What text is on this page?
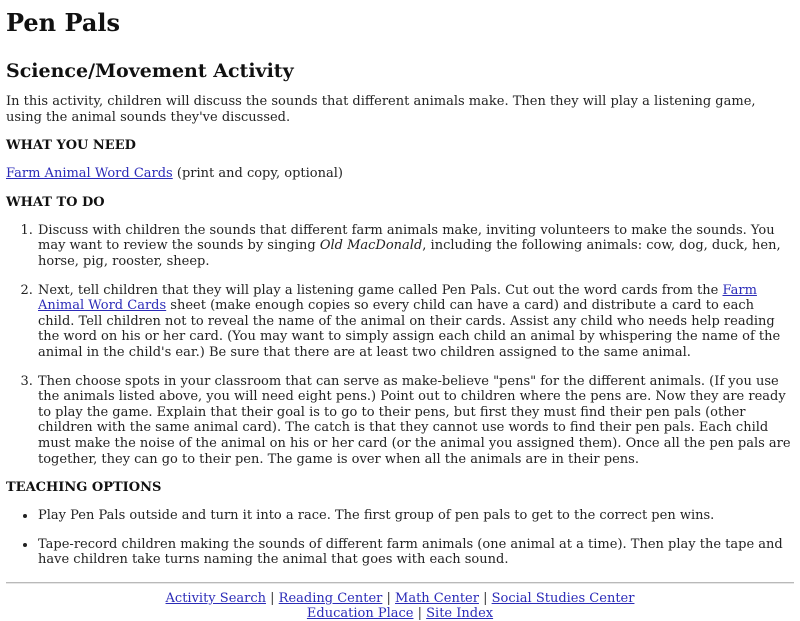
Pen Pals
Science/Movement Activity

In this activity, children will discuss the sounds that different animals make. Then they will play a listening game, using the animal sounds they've discussed.

WHAT YOU NEED

Farm Animal Word Cards (print and copy, optional)

WHAT TO DO
1. Discuss with children the sounds that different farm animals make, inviting volunteers to make the sounds. You may want to review the sounds by singing Old MacDonald, including the following animals: cow, dog, duck, hen, horse, pig, rooster, sheep.
2. Next, tell children that they will play a listening game called Pen Pals. Cut out the word cards from the Farm Animal Word Cards sheet (make enough copies so every child can have a card) and distribute a card to each child. Tell children not to reveal the name of the animal on their cards. Assist any child who needs help reading the word on his or her card. (You may want to simply assign each child an animal by whispering the name of the animal in the child's ear.) Be sure that there are at least two children assigned to the same animal.
3. Then choose spots in your classroom that can serve as make-believe "pens" for the different animals. (If you use the animals listed above, you will need eight pens.) Point out to children where the pens are. Now they are ready to play the game. Explain that their goal is to go to their pens, but first they must find their pen pals (other children with the same animal card). The catch is that they cannot use words to find their pen pals. Each child must make the noise of the animal on his or her card (or the animal you assigned them). Once all the pen pals are together, they can go to their pen. The game is over when all the animals are in their pens.
TEACHING OPTIONS
• Play Pen Pals outside and turn it into a race. The first group of pen pals to get to the correct pen wins.
• Tape-record children making the sounds of different farm animals (one animal at a time). Then play the tape and have children take turns naming the animal that goes with each sound.
Activity Search | Reading Center | Math Center | Social Studies Center
Education Place | Site Index
